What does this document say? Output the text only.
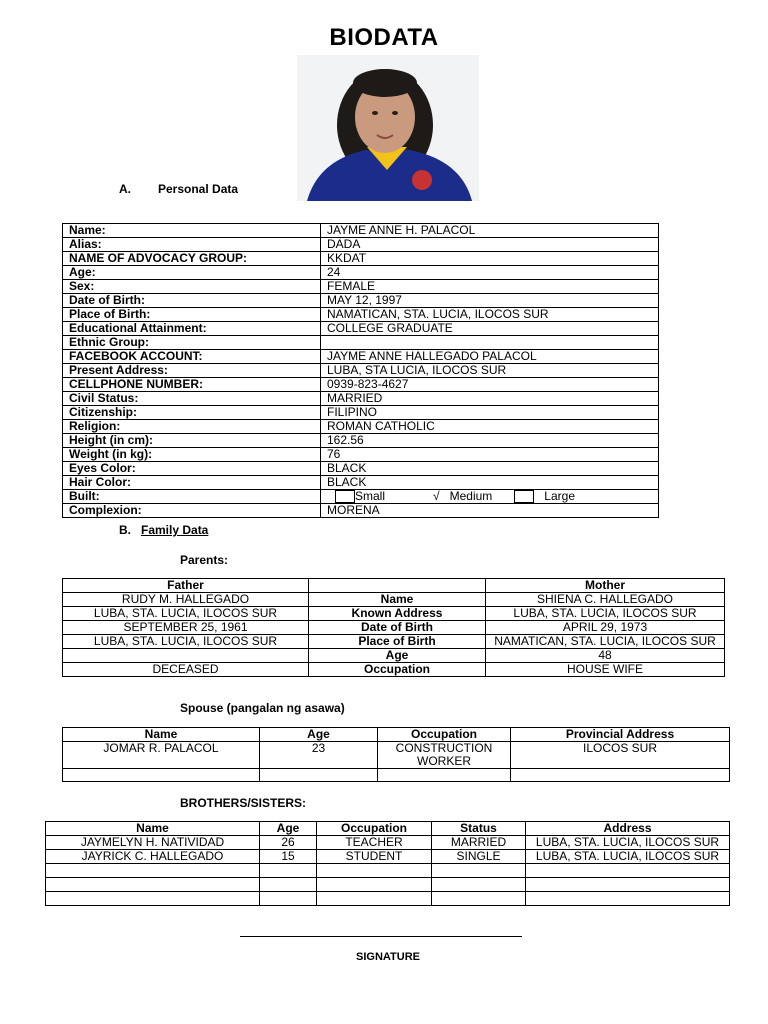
BIODATA
A. Personal Data
Name:	JAYME ANNE H. PALACOL
Alias:	DADA
NAME OF ADVOCACY GROUP:	KKDAT
Age:	24
Sex:	FEMALE
Date of Birth:	MAY 12, 1997
Place of Birth:	NAMATICAN, STA. LUCIA, ILOCOS SUR
Educational Attainment:	COLLEGE GRADUATE
Ethnic Group:	
FACEBOOK ACCOUNT:	JAYME ANNE HALLEGADO PALACOL
Present Address:	LUBA, STA LUCIA, ILOCOS SUR
CELLPHONE NUMBER:	0939-823-4627
Civil Status:	MARRIED
Citizenship:	FILIPINO
Religion:	ROMAN CATHOLIC
Height (in cm):	162.56
Weight (in kg):	76
Eyes Color:	BLACK
Hair Color:	BLACK
Built:	Small √ Medium Large
Complexion:	MORENA
B. Family Data
Parents:
Father		Mother
RUDY M. HALLEGADO	Name	SHIENA C. HALLEGADO
LUBA, STA. LUCIA, ILOCOS SUR	Known Address	LUBA, STA. LUCIA, ILOCOS SUR
SEPTEMBER 25, 1961	Date of Birth	APRIL 29, 1973
LUBA, STA. LUCIA, ILOCOS SUR	Place of Birth	NAMATICAN, STA. LUCIA, ILOCOS SUR
	Age	48
DECEASED	Occupation	HOUSE WIFE
Spouse (pangalan ng asawa)
Name	Age	Occupation	Provincial Address
JOMAR R. PALACOL	23	CONSTRUCTION WORKER	ILOCOS SUR

BROTHERS/SISTERS:
Name	Age	Occupation	Status	Address
JAYMELYN H. NATIVIDAD	26	TEACHER	MARRIED	LUBA, STA. LUCIA, ILOCOS SUR
JAYRICK C. HALLEGADO	15	STUDENT	SINGLE	LUBA, STA. LUCIA, ILOCOS SUR

SIGNATURE
